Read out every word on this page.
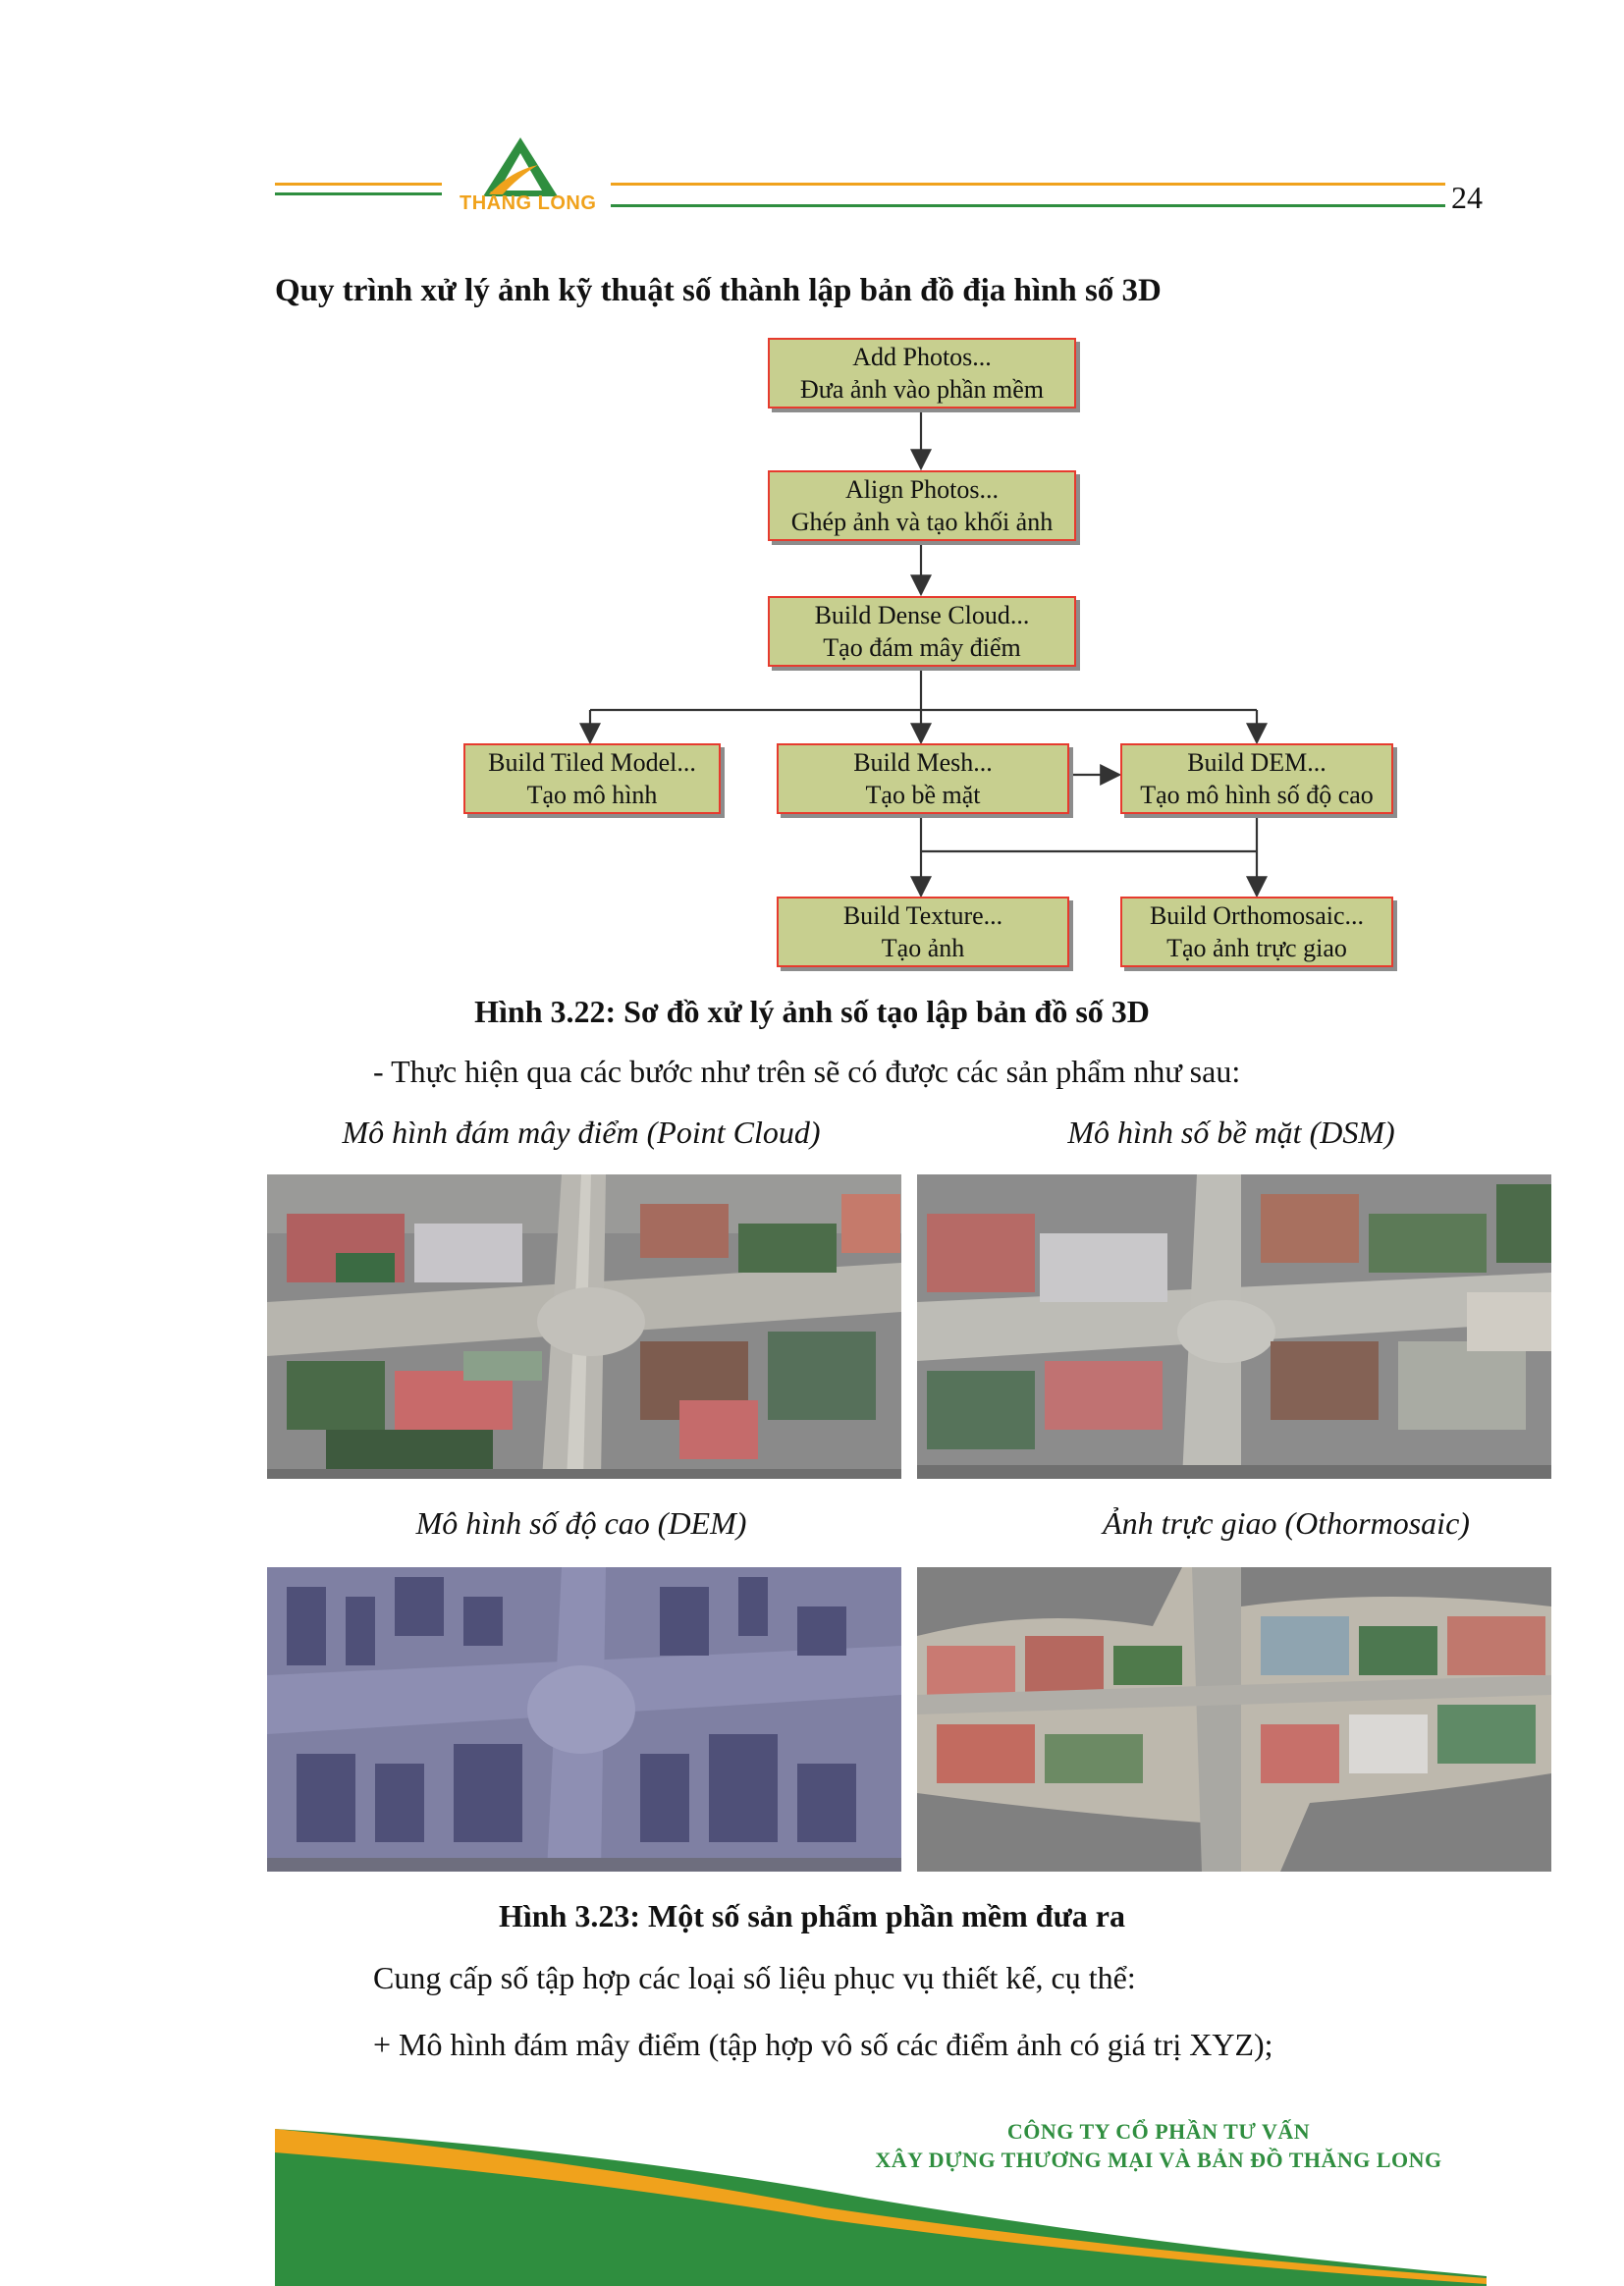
THĂNG LONG	24
Quy trình xử lý ảnh kỹ thuật số thành lập bản đồ địa hình số 3D
Add Photos...
Đưa ảnh vào phần mềm
Align Photos...
Ghép ảnh và tạo khối ảnh
Build Dense Cloud...
Tạo đám mây điểm
Build Tiled Model...
Tạo mô hình
Build Mesh...
Tạo bề mặt
Build DEM...
Tạo mô hình số độ cao
Build Texture...
Tạo ảnh
Build Orthomosaic...
Tạo ảnh trực giao
Hình 3.22: Sơ đồ xử lý ảnh số tạo lập bản đồ số 3D
- Thực hiện qua các bước như trên sẽ có được các sản phẩm như sau:
Mô hình đám mây điểm (Point Cloud)	Mô hình số bề mặt (DSM)
Mô hình số độ cao (DEM)	Ảnh trực giao (Othormosaic)
Hình 3.23: Một số sản phẩm phần mềm đưa ra
Cung cấp số tập hợp các loại số liệu phục vụ thiết kế, cụ thể:
+ Mô hình đám mây điểm (tập hợp vô số các điểm ảnh có giá trị XYZ);
CÔNG TY CỔ PHẦN TƯ VẤN
XÂY DỰNG THƯƠNG MẠI VÀ BẢN ĐỒ THĂNG LONG
